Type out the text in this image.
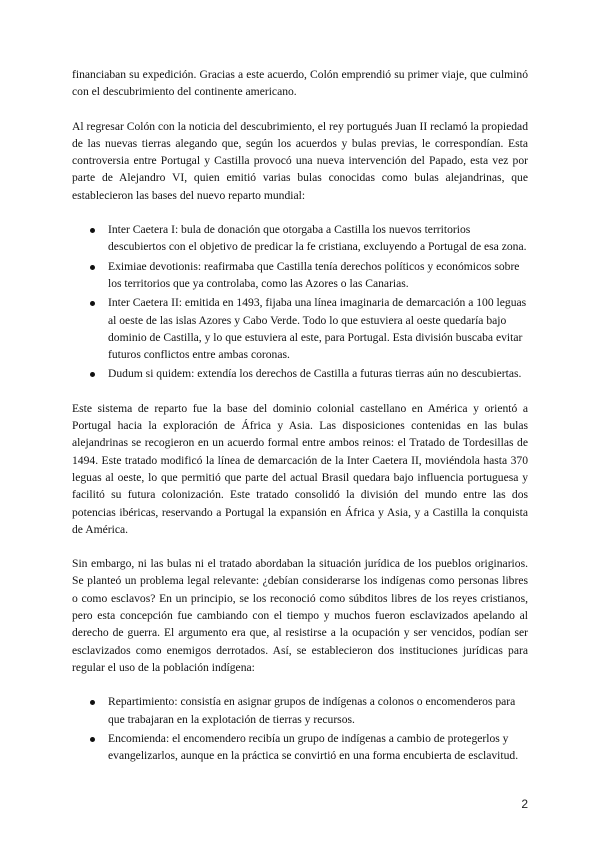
financiaban su expedición. Gracias a este acuerdo, Colón emprendió su primer viaje, que culminó con el descubrimiento del continente americano.

Al regresar Colón con la noticia del descubrimiento, el rey portugués Juan II reclamó la propiedad de las nuevas tierras alegando que, según los acuerdos y bulas previas, le correspondían. Esta controversia entre Portugal y Castilla provocó una nueva intervención del Papado, esta vez por parte de Alejandro VI, quien emitió varias bulas conocidas como bulas alejandrinas, que establecieron las bases del nuevo reparto mundial:

Inter Caetera I: bula de donación que otorgaba a Castilla los nuevos territorios descubiertos con el objetivo de predicar la fe cristiana, excluyendo a Portugal de esa zona.
Eximiae devotionis: reafirmaba que Castilla tenía derechos políticos y económicos sobre los territorios que ya controlaba, como las Azores o las Canarias.
Inter Caetera II: emitida en 1493, fijaba una línea imaginaria de demarcación a 100 leguas al oeste de las islas Azores y Cabo Verde. Todo lo que estuviera al oeste quedaría bajo dominio de Castilla, y lo que estuviera al este, para Portugal. Esta división buscaba evitar futuros conflictos entre ambas coronas.
Dudum si quidem: extendía los derechos de Castilla a futuras tierras aún no descubiertas.

Este sistema de reparto fue la base del dominio colonial castellano en América y orientó a Portugal hacia la exploración de África y Asia. Las disposiciones contenidas en las bulas alejandrinas se recogieron en un acuerdo formal entre ambos reinos: el Tratado de Tordesillas de 1494. Este tratado modificó la línea de demarcación de la Inter Caetera II, moviéndola hasta 370 leguas al oeste, lo que permitió que parte del actual Brasil quedara bajo influencia portuguesa y facilitó su futura colonización. Este tratado consolidó la división del mundo entre las dos potencias ibéricas, reservando a Portugal la expansión en África y Asia, y a Castilla la conquista de América.

Sin embargo, ni las bulas ni el tratado abordaban la situación jurídica de los pueblos originarios. Se planteó un problema legal relevante: ¿debían considerarse los indígenas como personas libres o como esclavos? En un principio, se los reconoció como súbditos libres de los reyes cristianos, pero esta concepción fue cambiando con el tiempo y muchos fueron esclavizados apelando al derecho de guerra. El argumento era que, al resistirse a la ocupación y ser vencidos, podían ser esclavizados como enemigos derrotados. Así, se establecieron dos instituciones jurídicas para regular el uso de la población indígena:

Repartimiento: consistía en asignar grupos de indígenas a colonos o encomenderos para que trabajaran en la explotación de tierras y recursos.
Encomienda: el encomendero recibía un grupo de indígenas a cambio de protegerlos y evangelizarlos, aunque en la práctica se convirtió en una forma encubierta de esclavitud.
2
